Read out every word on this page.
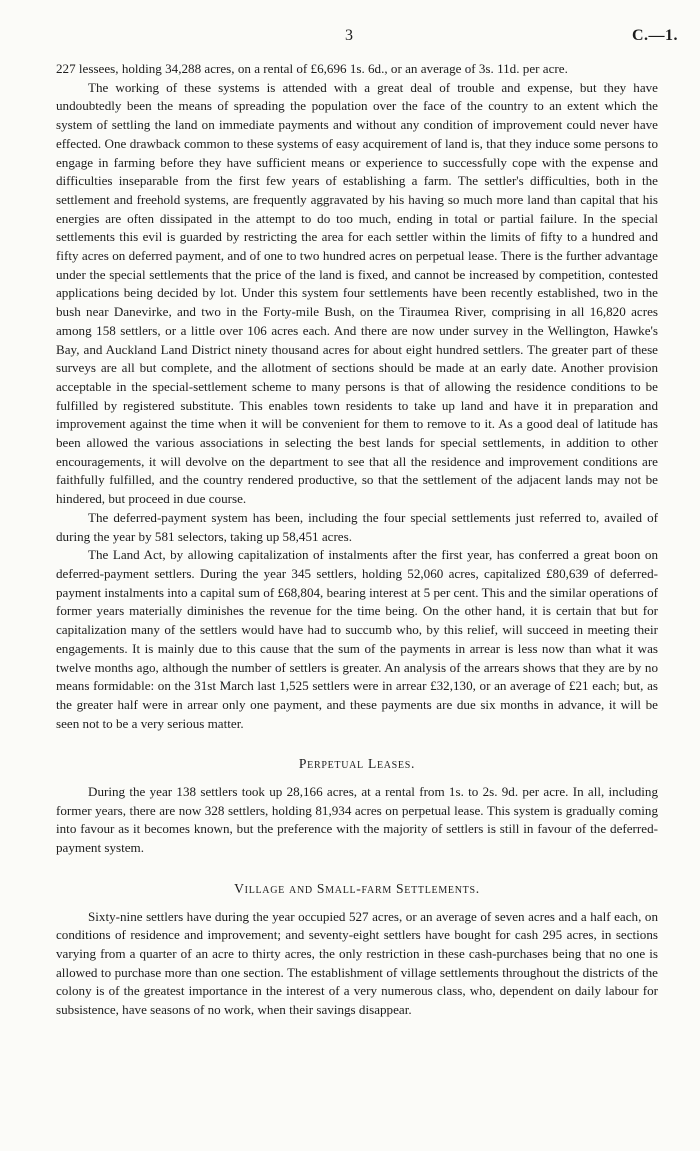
3	C.—1.

227 lessees, holding 34,288 acres, on a rental of £6,696 1s. 6d., or an average of 3s. 11d. per acre.

The working of these systems is attended with a great deal of trouble and expense, but they have undoubtedly been the means of spreading the population over the face of the country to an extent which the system of settling the land on immediate payments and without any condition of improvement could never have effected. One drawback common to these systems of easy acquirement of land is, that they induce some persons to engage in farming before they have sufficient means or experience to successfully cope with the expense and difficulties inseparable from the first few years of establishing a farm. The settler's difficulties, both in the settlement and freehold systems, are frequently aggravated by his having so much more land than capital that his energies are often dissipated in the attempt to do too much, ending in total or partial failure. In the special settlements this evil is guarded by restricting the area for each settler within the limits of fifty to a hundred and fifty acres on deferred payment, and of one to two hundred acres on perpetual lease. There is the further advantage under the special settlements that the price of the land is fixed, and cannot be increased by competition, contested applications being decided by lot. Under this system four settlements have been recently established, two in the bush near Danevirke, and two in the Forty-mile Bush, on the Tiraumea River, comprising in all 16,820 acres among 158 settlers, or a little over 106 acres each. And there are now under survey in the Wellington, Hawke's Bay, and Auckland Land District ninety thousand acres for about eight hundred settlers. The greater part of these surveys are all but complete, and the allotment of sections should be made at an early date. Another provision acceptable in the special-settlement scheme to many persons is that of allowing the residence conditions to be fulfilled by registered substitute. This enables town residents to take up land and have it in preparation and improvement against the time when it will be convenient for them to remove to it. As a good deal of latitude has been allowed the various associations in selecting the best lands for special settlements, in addition to other encouragements, it will devolve on the department to see that all the residence and improvement conditions are faithfully fulfilled, and the country rendered productive, so that the settlement of the adjacent lands may not be hindered, but proceed in due course.

The deferred-payment system has been, including the four special settlements just referred to, availed of during the year by 581 selectors, taking up 58,451 acres.

The Land Act, by allowing capitalization of instalments after the first year, has conferred a great boon on deferred-payment settlers. During the year 345 settlers, holding 52,060 acres, capitalized £80,639 of deferred-payment instalments into a capital sum of £68,804, bearing interest at 5 per cent. This and the similar operations of former years materially diminishes the revenue for the time being. On the other hand, it is certain that but for capitalization many of the settlers would have had to succumb who, by this relief, will succeed in meeting their engagements. It is mainly due to this cause that the sum of the payments in arrear is less now than what it was twelve months ago, although the number of settlers is greater. An analysis of the arrears shows that they are by no means formidable: on the 31st March last 1,525 settlers were in arrear £32,130, or an average of £21 each; but, as the greater half were in arrear only one payment, and these payments are due six months in advance, it will be seen not to be a very serious matter.

Perpetual Leases.

During the year 138 settlers took up 28,166 acres, at a rental from 1s. to 2s. 9d. per acre. In all, including former years, there are now 328 settlers, holding 81,934 acres on perpetual lease. This system is gradually coming into favour as it becomes known, but the preference with the majority of settlers is still in favour of the deferred-payment system.

Village and Small-farm Settlements.

Sixty-nine settlers have during the year occupied 527 acres, or an average of seven acres and a half each, on conditions of residence and improvement; and seventy-eight settlers have bought for cash 295 acres, in sections varying from a quarter of an acre to thirty acres, the only restriction in these cash-purchases being that no one is allowed to purchase more than one section. The establishment of village settlements throughout the districts of the colony is of the greatest importance in the interest of a very numerous class, who, dependent on daily labour for subsistence, have seasons of no work, when their savings disappear.
